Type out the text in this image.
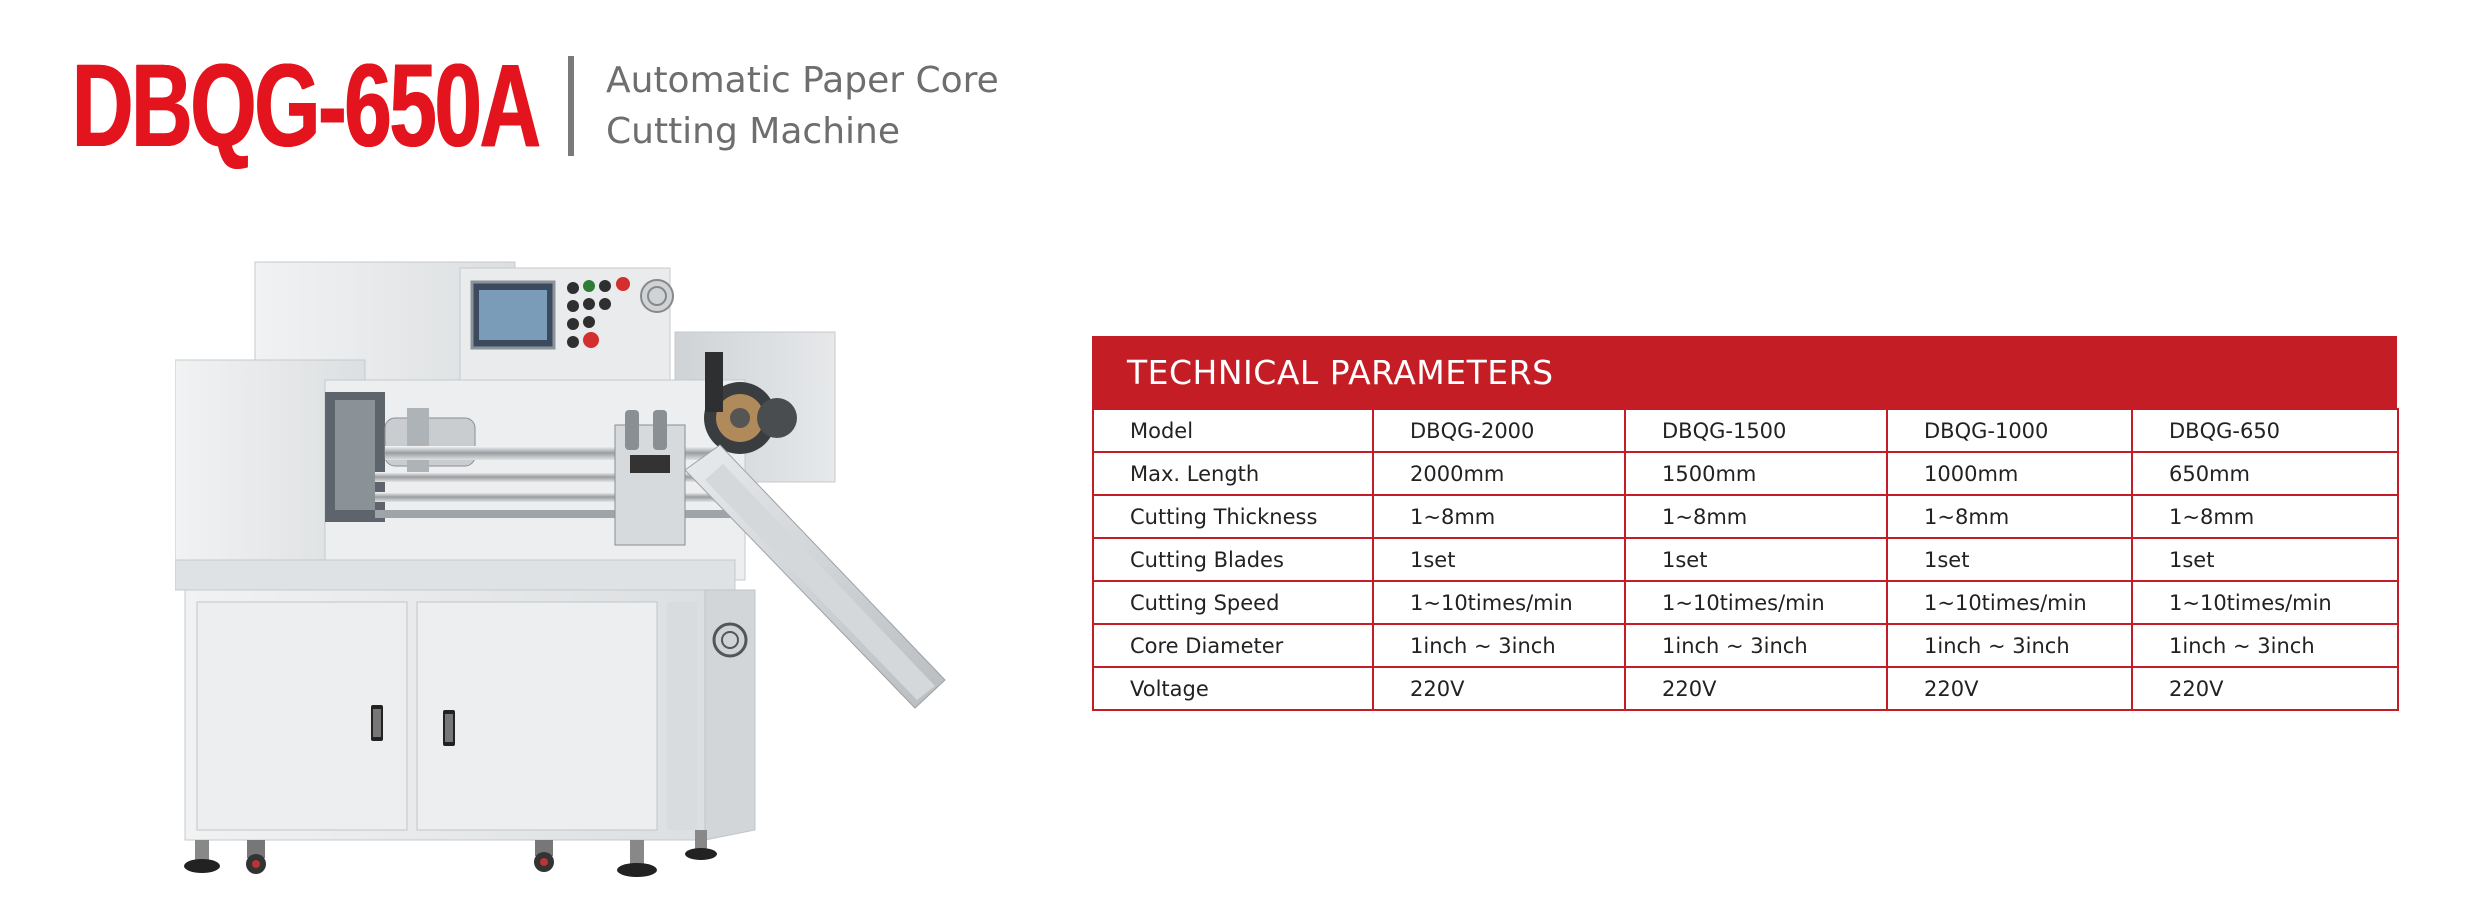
DBQG-650A Automatic Paper Core
Cutting Machine
TECHNICAL PARAMETERS
Model	DBQG-2000	DBQG-1500	DBQG-1000	DBQG-650
Max. Length	2000mm	1500mm	1000mm	650mm
Cutting Thickness	1~8mm	1~8mm	1~8mm	1~8mm
Cutting Blades	1set	1set	1set	1set
Cutting Speed	1~10times/min	1~10times/min	1~10times/min	1~10times/min
Core Diameter	1inch ~ 3inch	1inch ~ 3inch	1inch ~ 3inch	1inch ~ 3inch
Voltage	220V	220V	220V	220V
